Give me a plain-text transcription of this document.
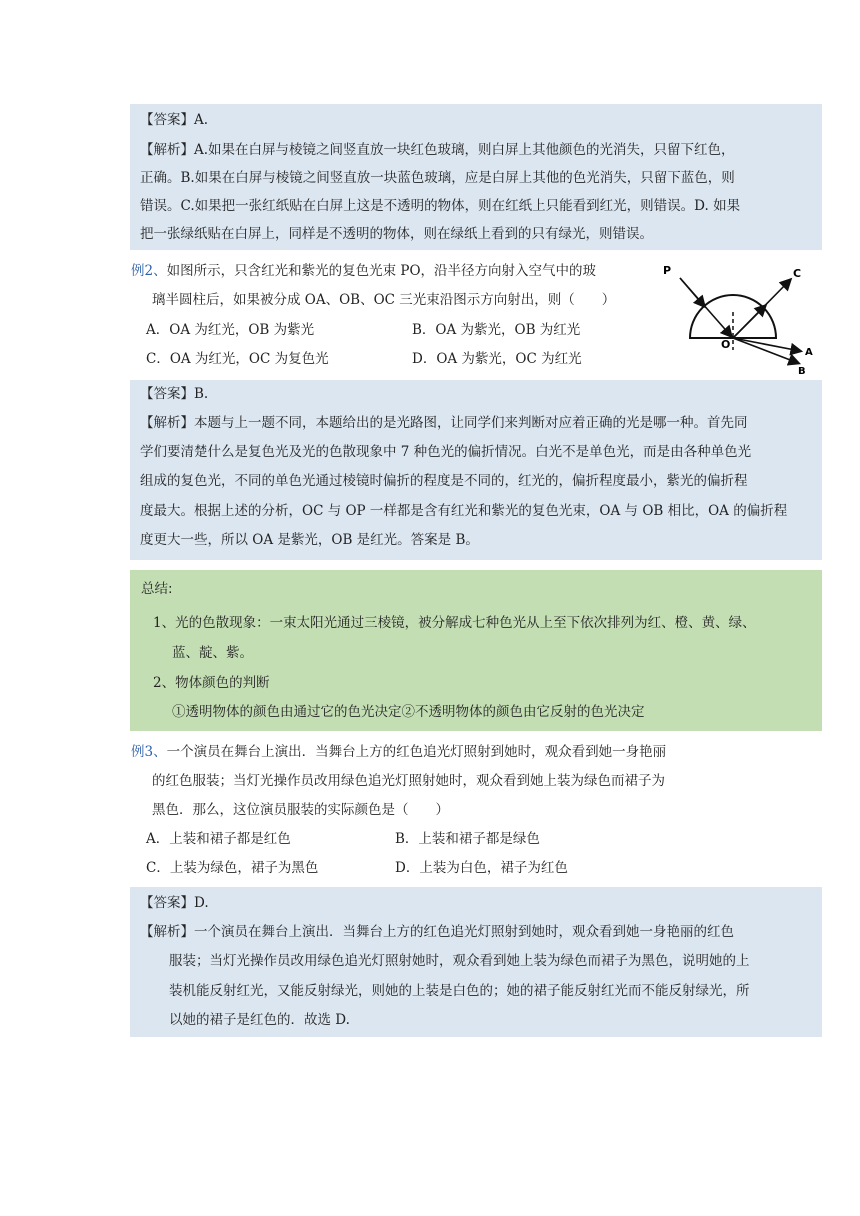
【答案】A.
【解析】A.如果在白屏与棱镜之间竖直放一块红色玻璃，则白屏上其他颜色的光消失，只留下红色，
正确。B.如果在白屏与棱镜之间竖直放一块蓝色玻璃，应是白屏上其他的色光消失，只留下蓝色，则
错误。C.如果把一张红纸贴在白屏上这是不透明的物体，则在红纸上只能看到红光，则错误。D. 如果
把一张绿纸贴在白屏上，同样是不透明的物体，则在绿纸上看到的只有绿光，则错误。
例2、如图所示，只含红光和紫光的复色光束 PO，沿半径方向射入空气中的玻
璃半圆柱后，如果被分成 OA、OB、OC 三光束沿图示方向射出，则（　　）
A．OA 为红光，OB 为紫光	B．OA 为紫光，OB 为红光
C．OA 为红光，OC 为复色光	D．OA 为紫光，OC 为红光
P	C
O
A
B
【答案】B.
【解析】本题与上一题不同，本题给出的是光路图，让同学们来判断对应着正确的光是哪一种。首先同
学们要清楚什么是复色光及光的色散现象中 7 种色光的偏折情况。白光不是单色光，而是由各种单色光
组成的复色光，不同的单色光通过棱镜时偏折的程度是不同的，红光的，偏折程度最小，紫光的偏折程
度最大。根据上述的分析，OC 与 OP 一样都是含有红光和紫光的复色光束，OA 与 OB 相比，OA 的偏折程
度更大一些，所以 OA 是紫光，OB 是红光。答案是 B。
总结:
1、光的色散现象：一束太阳光通过三棱镜，被分解成七种色光从上至下依次排列为红、橙、黄、绿、
蓝、靛、紫。
2、物体颜色的判断
①透明物体的颜色由通过它的色光决定②不透明物体的颜色由它反射的色光决定
例3、一个演员在舞台上演出．当舞台上方的红色追光灯照射到她时，观众看到她一身艳丽
的红色服装；当灯光操作员改用绿色追光灯照射她时，观众看到她上装为绿色而裙子为
黑色．那么，这位演员服装的实际颜色是（　　）
A．上装和裙子都是红色	B．上装和裙子都是绿色
C．上装为绿色，裙子为黑色	D．上装为白色，裙子为红色
【答案】D.
【解析】一个演员在舞台上演出．当舞台上方的红色追光灯照射到她时，观众看到她一身艳丽的红色
服装；当灯光操作员改用绿色追光灯照射她时，观众看到她上装为绿色而裙子为黑色，说明她的上
装机能反射红光，又能反射绿光，则她的上装是白色的；她的裙子能反射红光而不能反射绿光，所
以她的裙子是红色的．故选 D.
